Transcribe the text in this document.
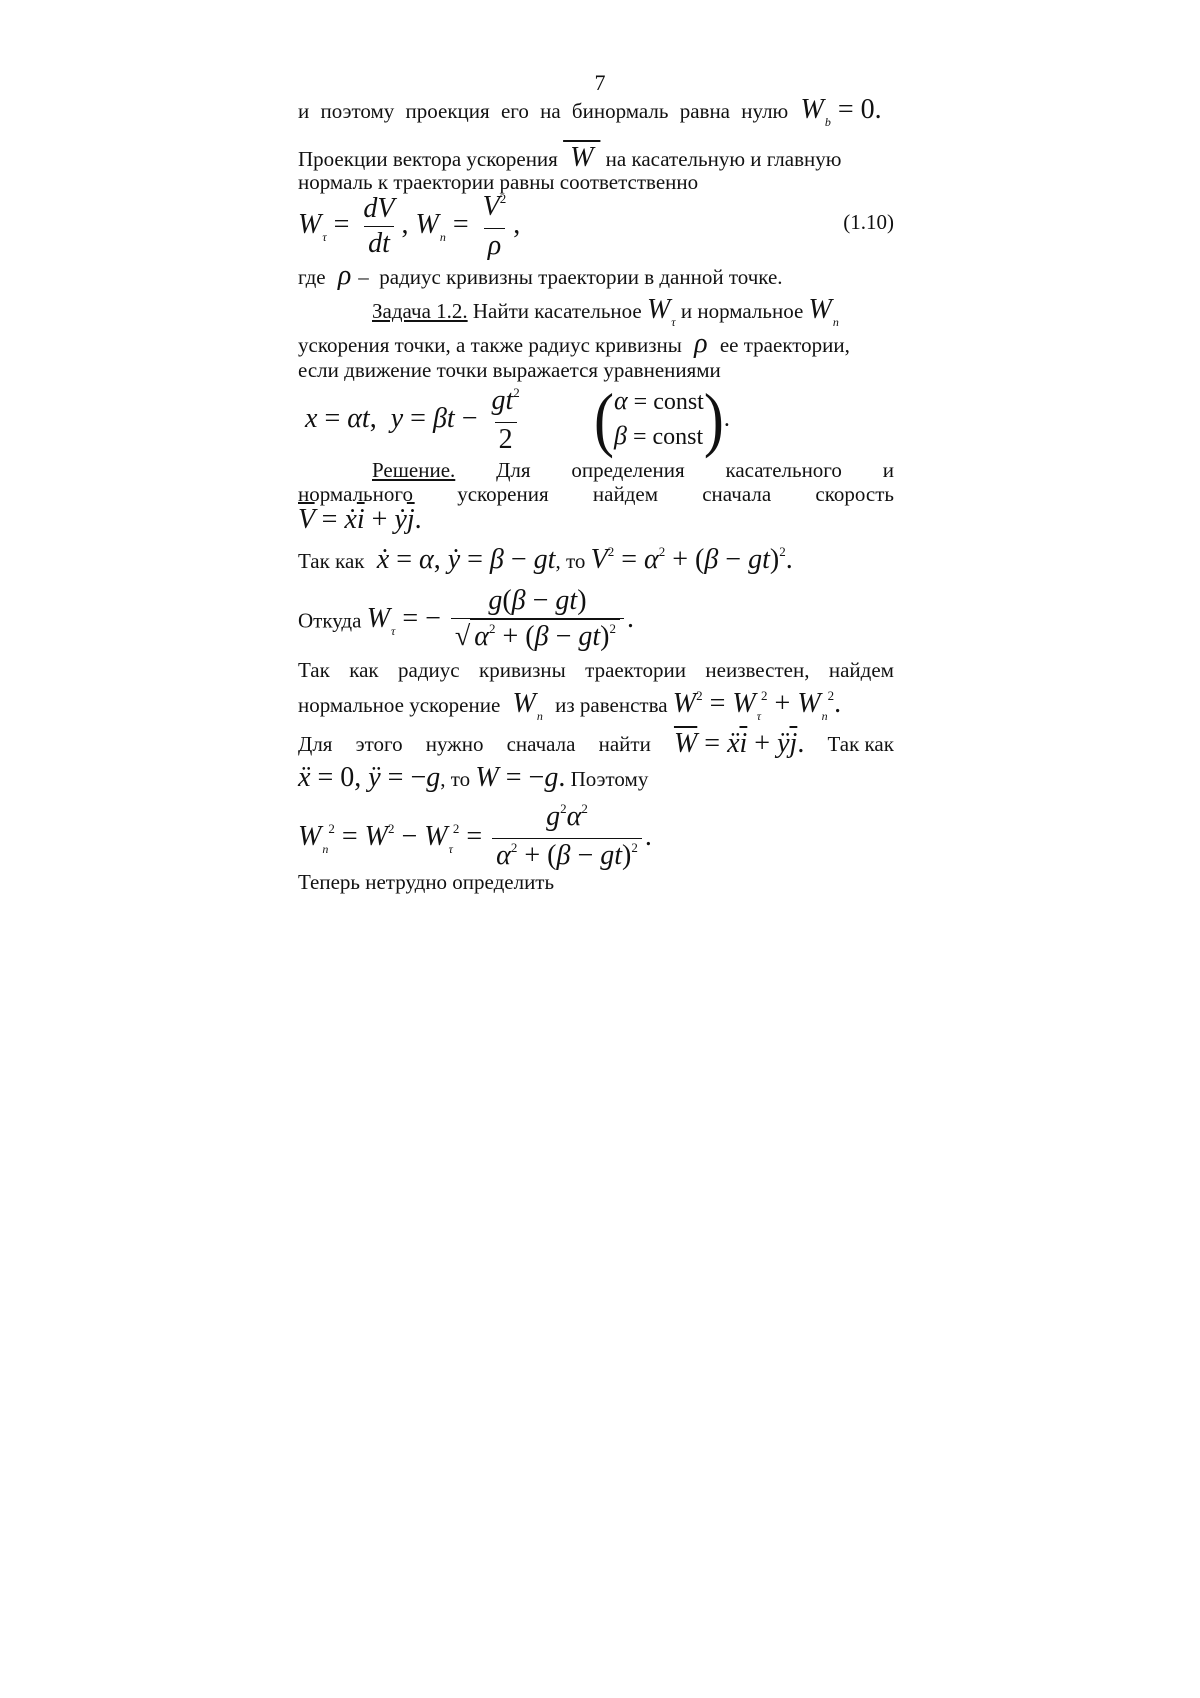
7
и поэтому проекция его на бинормаль равна нулю  $W_b = 0$.
Проекции вектора ускорения  W  на касательную и главную
нормаль к траектории равны соответственно
$W_\tau = \frac{dV}{dt}$ , $W_n = \frac{V^2}{\rho}$ ,	(1.10)
где  ρ –  радиус кривизны траектории в данной точке.
Задача 1.2. Найти касательное $W_\tau$ и нормальное $W_n$
ускорения точки, а также радиус кривизны  ρ  ее траектории,
если движение точки выражается уравнениями
x = αt,  $y = \beta t - \frac{gt^2}{2}$ ( α = const
β = const ) .
Решение. Для определения касательного и
нормального ускорения найдем сначала скорость
$\overline{V}$ = $ẋ\overline{i}$ + $ẏ\overline{j}$.
Так как  ẋ = α, ẏ = β − gt, то $V^2 = \alpha^2 + (\beta - gt)^2$.
Откуда $W_\tau$ = − $\frac{g(\beta - gt)}{√ \alpha^2 + (\beta - gt)^2}$ .
Так как радиус кривизны траектории неизвестен, найдем
нормальное ускорение  $W_n$ из равенства $W^2 = W_\tau^2 + W_n^2$.
Для этого нужно сначала найти $\overline{W}$ = $ẍ\overline{i}$ + $ÿ\overline{j}$. Так как
ẍ = 0, ÿ = −g, то W = −g. Поэтому
$W_n^2 = W^2 - W_\tau^2 = \frac{g^2\alpha^2}{\alpha^2 + (\beta - gt)^2}$ .
Теперь нетрудно определить
